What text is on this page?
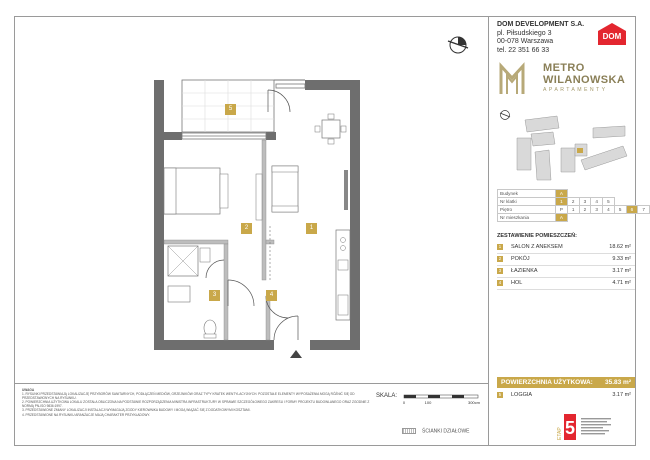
DOM DEVELOPMENT S.A.
pl. Piłsudskiego 3
00-078 Warszawa
tel. 22 351 66 33
DOM
METRO
WILANOWSKA
APARTAMENTY
Budynek	A							
Nr klatki	1	2	3	4	5			
Piętro	P	1	2	3	4	5	6	7
Nr mieszkania	A							
ZESTAWIENIE POMIESZCZEŃ:
1	SALON Z ANEKSEM	18.62 m²
2	POKÓJ	9.33 m²
3	ŁAZIENKA	3.17 m²
4	HOL	4.71 m²
POWIERZCHNIA UŻYTKOWA: 35.83 m²
5	LOGGIA	3.17 m²
ETAP 5
UWAGA
1. RYSUNKI PRZEDSTAWIAJĄ LOKALIZACJĘ PRZYBORÓW SANITARNYCH, PODŁĄCZEŃ MEDIÓW, GRZEJNIKÓW ORAZ TYPY KRATEK WENTYLACYJNYCH. POZOSTAŁE ELEMENTY WYPOSAŻENIA MOGĄ RÓŻNIĆ SIĘ OD PRZEDSTAWIONYCH NA RYSUNKU.
2. POWIERZCHNIA UŻYTKOWA LOKALU ZOSTAŁA OBLICZONA NA PODSTAWIE ROZPORZĄDZENIA MINISTRA INFRASTRUKTURY W SPRAWIE SZCZEGÓŁOWEGO ZAKRESU I FORMY PROJEKTU BUDOWLANEGO ORAZ ZGODNIE Z NORMĄ PN-ISO 9836:1997.
3. PRZEDSTAWIONE ZMIANY LOKALIZACJI INSTALACJI WYMAGAJĄ ZGODY KIEROWNIKA BUDOWY I MOGĄ WIĄZAĆ SIĘ Z DODATKOWYMI KOSZTAMI.
4. PRZEDSTAWIONE NA RYSUNKU ARANŻACJE MAJĄ CHARAKTER PRZYKŁADOWY.
SKALA:
0	100	300cm
ŚCIANKI DZIAŁOWE
5
2	1
3	4
